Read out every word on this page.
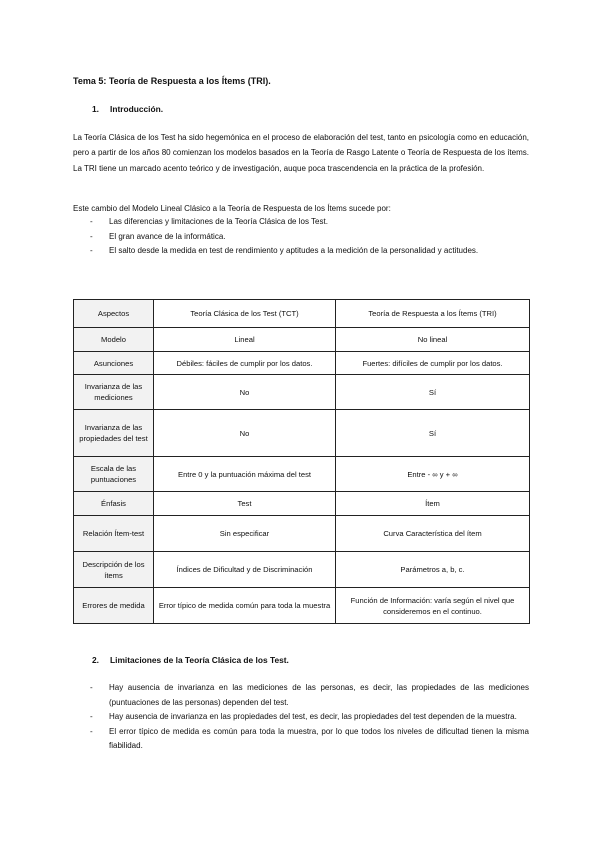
Tema 5: Teoría de Respuesta a los Ítems (TRI).
1. Introducción.
La Teoría Clásica de los Test ha sido hegemónica en el proceso de elaboración del test, tanto en psicología como en educación, pero a partir de los años 80 comienzan los modelos basados en la Teoría de Rasgo Latente o Teoría de Respuesta de los ítems. La TRI tiene un marcado acento teórico y de investigación, auque poca trascendencia en la práctica de la profesión.
Este cambio del Modelo Lineal Clásico a la Teoría de Respuesta de los Ítems sucede por:
- Las diferencias y limitaciones de la Teoría Clásica de los Test.
- El gran avance de la informática.
- El salto desde la medida en test de rendimiento y aptitudes a la medición de la personalidad y actitudes.
Aspectos	Teoría Clásica de los Test (TCT)	Teoría de Respuesta a los Ítems (TRI)
Modelo	Lineal	No lineal
Asunciones	Débiles: fáciles de cumplir por los datos.	Fuertes: difíciles de cumplir por los datos.
Invarianza de las mediciones	No	Sí
Invarianza de las propiedades del test	No	Sí
Escala de las puntuaciones	Entre 0 y la puntuación máxima del test	Entre - ∞ y + ∞
Énfasis	Test	Ítem
Relación Ítem-test	Sin especificar	Curva Característica del ítem
Descripción de los ítems	Índices de Dificultad y de Discriminación	Parámetros a, b, c.
Errores de medida	Error típico de medida común para toda la muestra	Función de Información: varía según el nivel que consideremos en el continuo.
2. Limitaciones de la Teoría Clásica de los Test.
- Hay ausencia de invarianza en las mediciones de las personas, es decir, las propiedades de las mediciones (puntuaciones de las personas) dependen del test.
- Hay ausencia de invarianza en las propiedades del test, es decir, las propiedades del test dependen de la muestra.
- El error típico de medida es común para toda la muestra, por lo que todos los niveles de dificultad tienen la misma fiabilidad.
